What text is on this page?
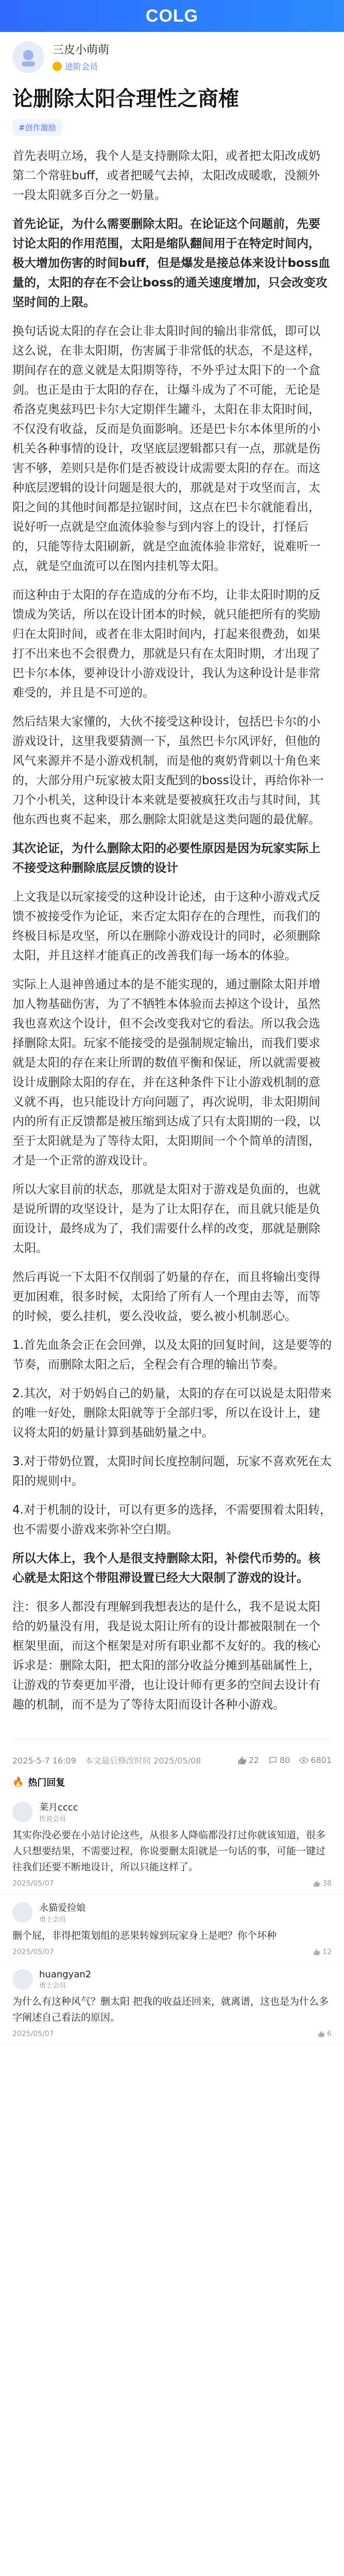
COLG
三皮小萌萌
进阶会员
论删除太阳合理性之商榷
#创作激励

首先表明立场，我个人是支持删除太阳，或者把太阳改成奶第二个常驻buff，或者把暖气去掉，太阳改成暖歌，没额外一段太阳就多百分之一奶量。

首先论证，为什么需要删除太阳。在论证这个问题前，先要讨论太阳的作用范围，太阳是缩队翻间用于在特定时间内，极大增加伤害的时间buff，但是爆发是接总体来设计boss血量的，太阳的存在不会让boss的通关速度增加，只会改变攻坚时间的上限。

换句话说太阳的存在会让非太阳时间的输出非常低，即可以这么说，在非太阳期，伤害属于非常低的状态，不是这样，期间存在的意义就是太阳期等待，不外乎过太阳下的一个盒剑。也正是由于太阳的存在，让爆斗成为了不可能，无论是希洛克奥兹玛巴卡尔大定期伴生罐斗，太阳在非太阳时间，不仅没有收益，反而是负面影响。还是巴卡尔本体里所的小机关各种事情的设计，攻坚底层逻辑都只有一点，那就是伤害不够，差则只是你们是否被设计成需要太阳的存在。而这种底层逻辑的设计问题是很大的，那就是对于攻坚而言，太阳之间的其他时间都是拉锯时间，这点在巴卡尔就能看出，说好听一点就是空血流体验参与到内容上的设计，打怪后的，只能等待太阳刷新，就是空血流体验非常好，说难听一点，就是空血流可以在图内挂机等太阳。

而这种由于太阳的存在造成的分布不均，让非太阳时期的反馈成为笑话，所以在设计团本的时候，就只能把所有的奖励归在太阳时间，或者在非太阳时间内，打起来很费劲，如果打不出来也不会很费力，那就是只有在太阳时期，才出现了巴卡尔本体，要神设计小游戏设计，我认为这种设计是非常难受的，并且是不可逆的。

然后结果大家懂的，大伙不接受这种设计，包括巴卡尔的小游戏设计，这里我要猜测一下，虽然巴卡尔风评好，但他的风气来源并不是小游戏机制，而是他的爽奶背刺以十角色来的，大部分用户玩家被太阳支配到的boss设计，再给你补一刀个小机关，这种设计本来就是要被疯狂攻击与其时间，其他东西也爽不起来，那么删除太阳就是这类问题的最优解。

其次论证，为什么删除太阳的必要性原因是因为玩家实际上不接受这种删除底层反馈的设计

上文我是以玩家接受的这种设计论述，由于这种小游戏式反馈不被接受作为论证，来否定太阳存在的合理性，而我们的终极目标是攻坚，所以在删除小游戏设计的同时，必须删除太阳，并且这样才能真正的改善我们每一场本的体验。

实际上人退神兽通过本的是不能实现的，通过删除太阳并增加人物基础伤害，为了不牺牲本体验而去掉这个设计，虽然我也喜欢这个设计，但不会改变我对它的看法。所以我会选择删除太阳。玩家不能接受的是强制规定输出，而我们要求就是太阳的存在来让所谓的数值平衡和保证，所以就需要被设计成删除太阳的存在，并在这种条件下让小游戏机制的意义就不再，也只能设计方向问题了，再次说明，非太阳期间内的所有正反馈都是被压缩到达成了只有太阳期的一段，以至于太阳就是为了等待太阳，太阳期间一个个简单的清图，才是一个正常的游戏设计。

所以大家目前的状态，那就是太阳对于游戏是负面的，也就是说所谓的攻坚设计，是为了让太阳存在，而且就只能是负面设计，最终成为了，我们需要什么样的改变，那就是删除太阳。

然后再说一下太阳不仅削弱了奶量的存在，而且将输出变得更加困难，很多时候，太阳给了所有人一个理由去等，而等的时候，要么挂机，要么没收益，要么被小机制恶心。

1.首先血条会正在会回弹，以及太阳的回复时间，这是要等的节奏，而删除太阳之后，全程会有合理的输出节奏。

2.其次，对于奶妈自己的奶量，太阳的存在可以说是太阳带来的唯一好处，删除太阳就等于全部归零，所以在设计上，建议将太阳的奶量计算到基础奶量之中。

3.对于带奶位置，太阳时间长度控制问题，玩家不喜欢死在太阳的规则中。

4.对于机制的设计，可以有更多的选择，不需要围着太阳转，也不需要小游戏来弥补空白期。

所以大体上，我个人是很支持删除太阳，补偿代币势的。核心就是太阳这个带阻滞设置已经大大限制了游戏的设计。

注：很多人都没有理解到我想表达的是什么，我不是说太阳给的奶量没有用，我是说太阳让所有的设计都被限制在一个框架里面，而这个框架是对所有职业都不友好的。我的核心诉求是：删除太阳，把太阳的部分收益分摊到基础属性上，让游戏的节奏更加平滑，也让设计师有更多的空间去设计有趣的机制，而不是为了等待太阳而设计各种小游戏。

2025-5-7 16:09 本文最后修改时间 2025/05/08	22	80	6801
🔥 热门回复
莱月cccc
传说会员
其实你没必要在小站讨论这些，从很多人降临都没打过你就该知道，很多人只想要结果，不需要过程，你说要删太阳就是一句话的事，可能一键过往我们还要不断地设计，所以只能这样了。
2025/05/07	38
永猫爱捡娘
勇士会员
删个屁，非得把策划组的恶果转嫁到玩家身上是吧？你个坏种
2025/05/07	12
huangyan2
勇士会员
为什么有这种风气？删太阳 把我的收益还回来，就离谱，这也是为什么多字阐述自己看法的原因。
2025/05/07	6
